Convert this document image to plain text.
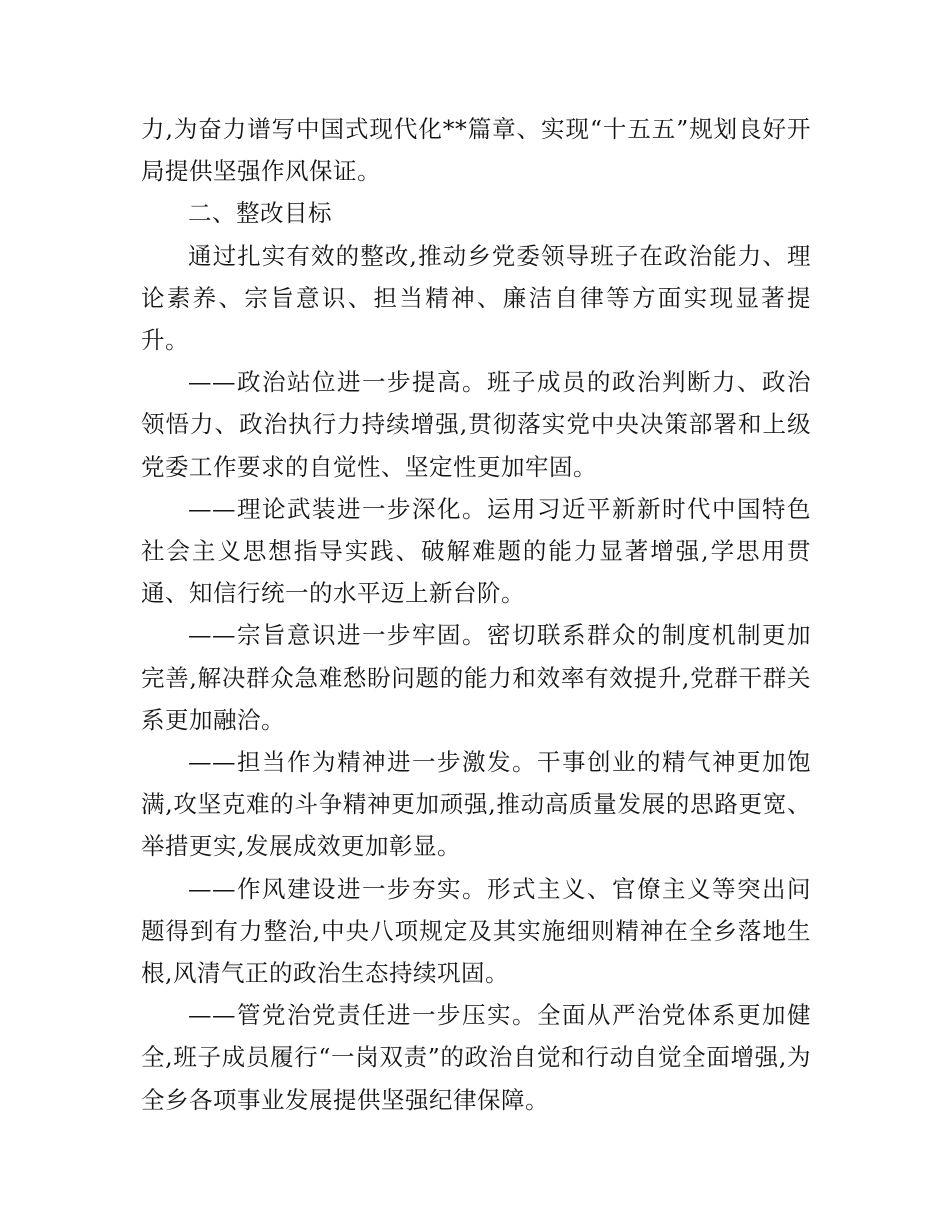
力,为奋力谱写中国式现代化**篇章、实现“十五五”规划良好开局提供坚强作风保证。

二、整改目标

通过扎实有效的整改,推动乡党委领导班子在政治能力、理论素养、宗旨意识、担当精神、廉洁自律等方面实现显著提升。

——政治站位进一步提高。班子成员的政治判断力、政治领悟力、政治执行力持续增强,贯彻落实党中央决策部署和上级党委工作要求的自觉性、坚定性更加牢固。

——理论武装进一步深化。运用习近平新新时代中国特色社会主义思想指导实践、破解难题的能力显著增强,学思用贯通、知信行统一的水平迈上新台阶。

——宗旨意识进一步牢固。密切联系群众的制度机制更加完善,解决群众急难愁盼问题的能力和效率有效提升,党群干群关系更加融洽。

——担当作为精神进一步激发。干事创业的精气神更加饱满,攻坚克难的斗争精神更加顽强,推动高质量发展的思路更宽、举措更实,发展成效更加彰显。

——作风建设进一步夯实。形式主义、官僚主义等突出问题得到有力整治,中央八项规定及其实施细则精神在全乡落地生根,风清气正的政治生态持续巩固。

——管党治党责任进一步压实。全面从严治党体系更加健全,班子成员履行“一岗双责”的政治自觉和行动自觉全面增强,为全乡各项事业发展提供坚强纪律保障。
